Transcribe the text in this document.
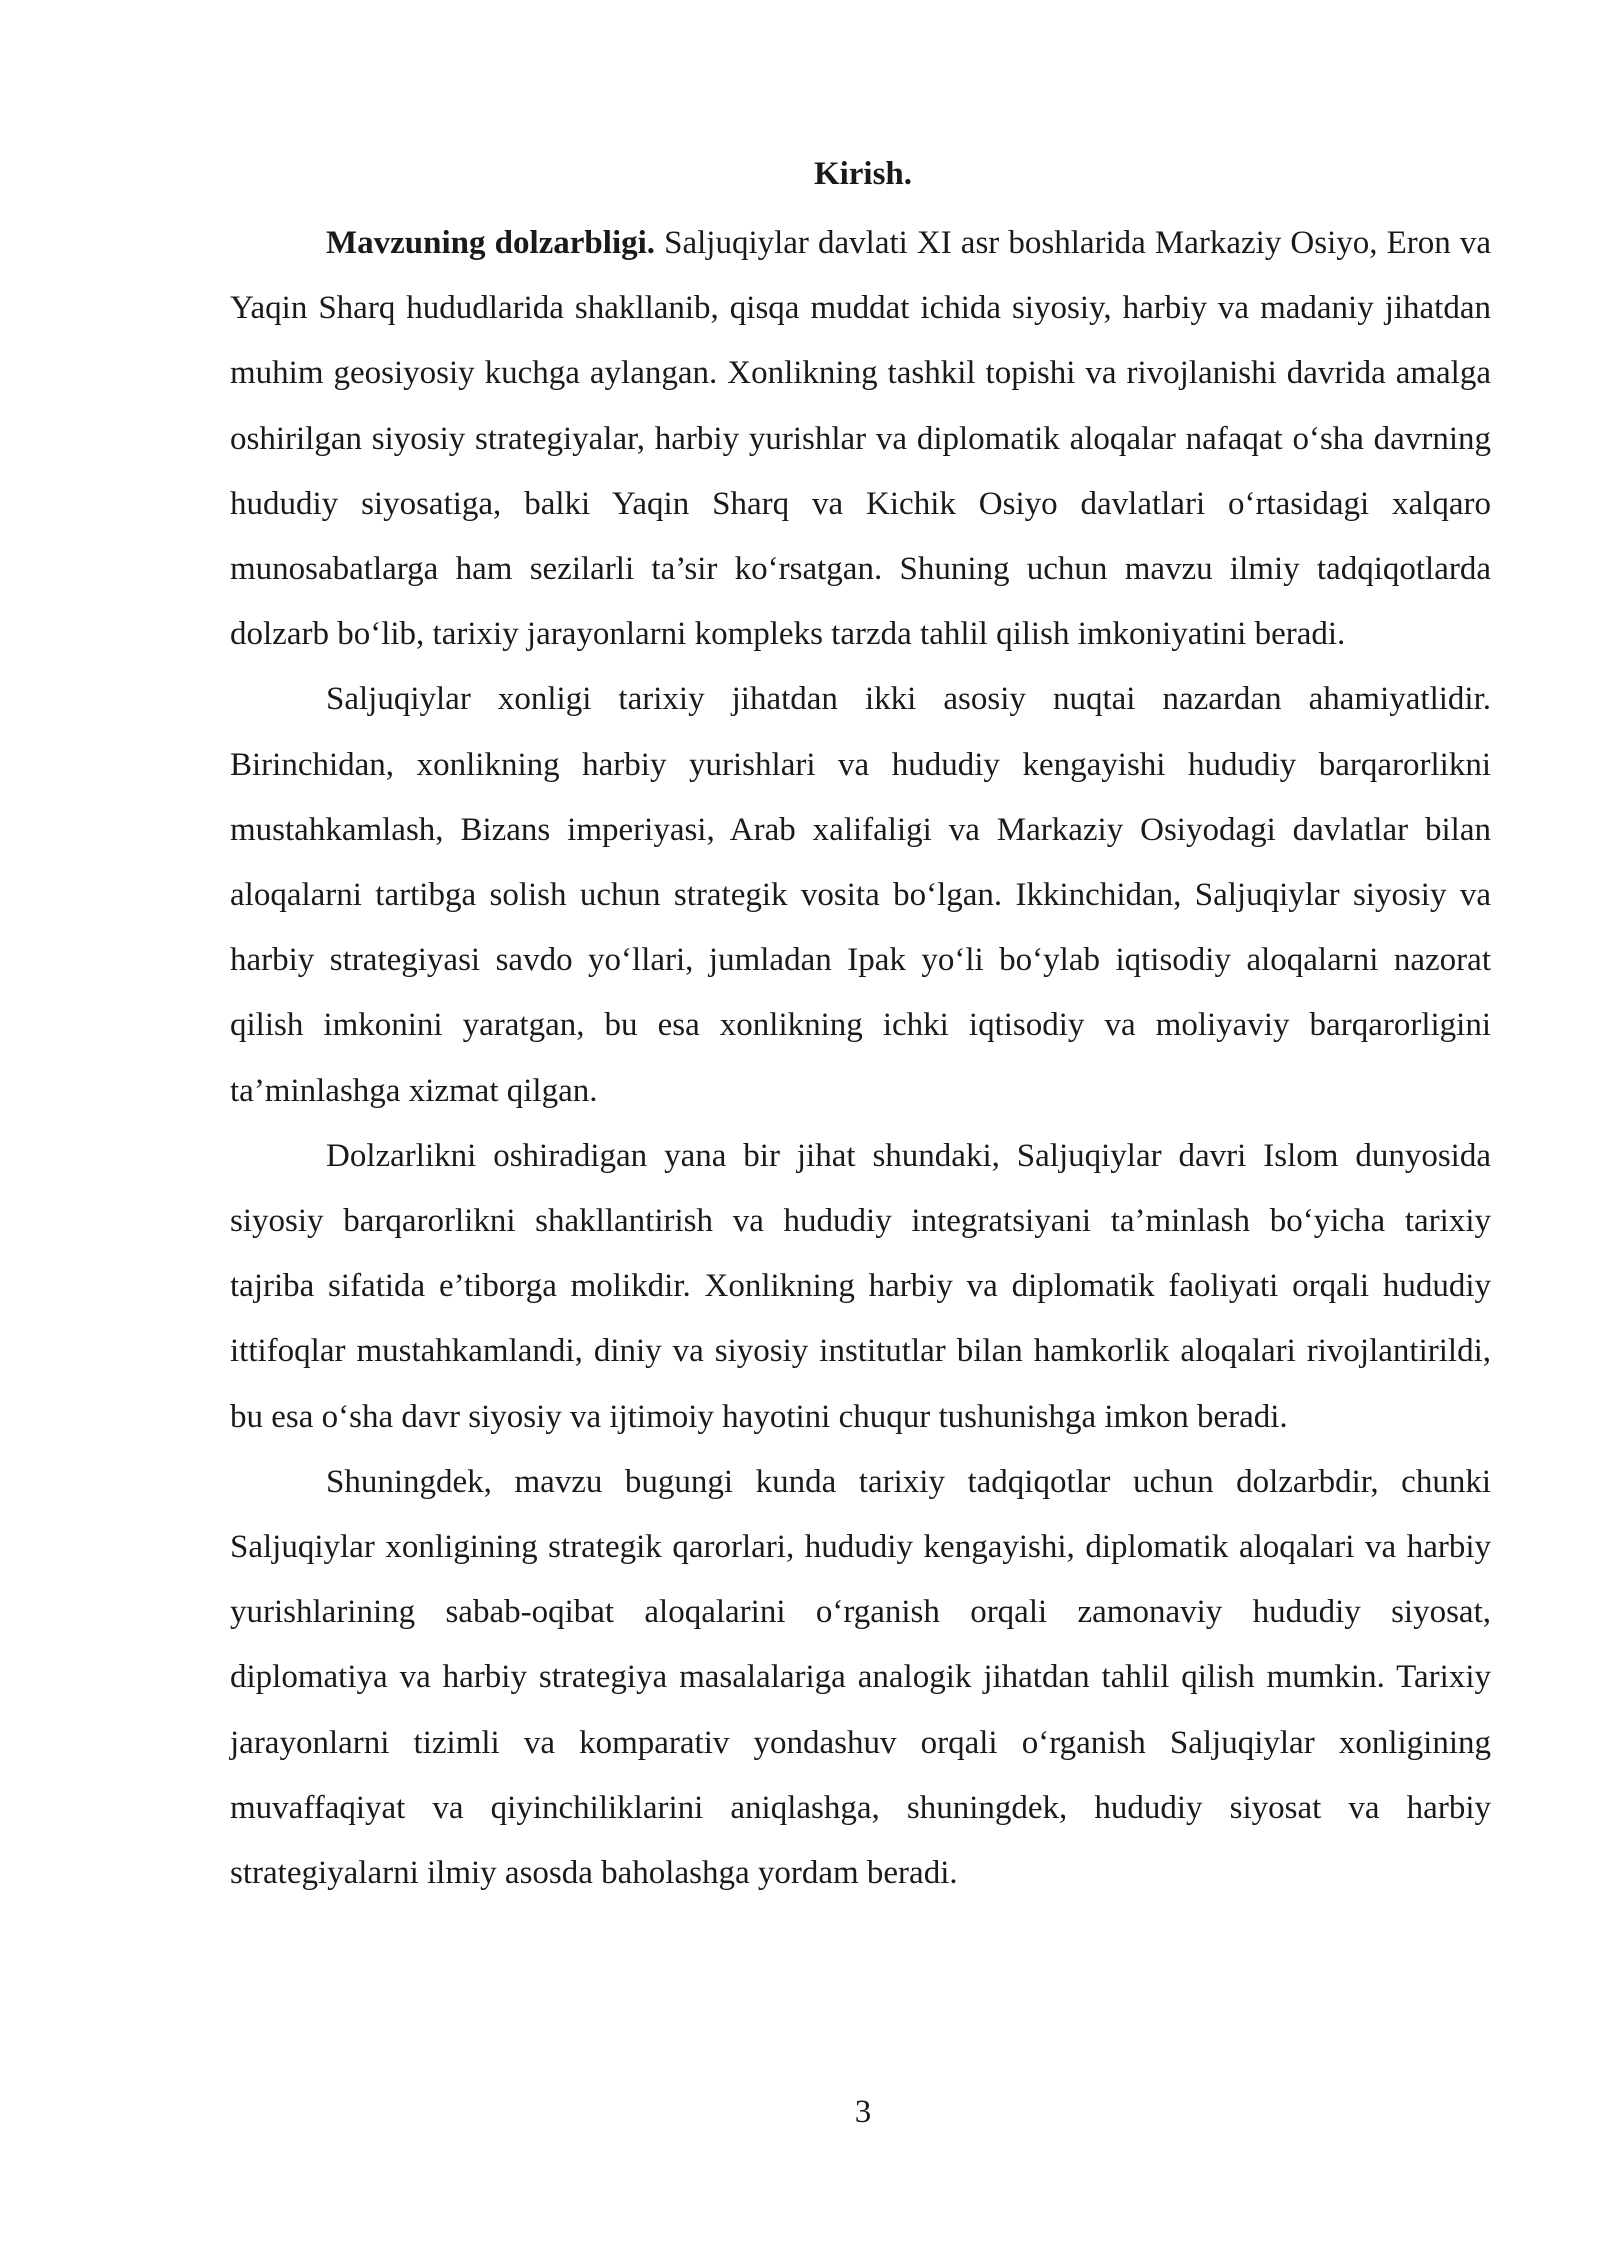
Kirish.

Mavzuning dolzarbligi. Saljuqiylar davlati XI asr boshlarida Markaziy Osiyo, Eron va Yaqin Sharq hududlarida shakllanib, qisqa muddat ichida siyosiy, harbiy va madaniy jihatdan muhim geosiyosiy kuchga aylangan. Xonlikning tashkil topishi va rivojlanishi davrida amalga oshirilgan siyosiy strategiyalar, harbiy yurishlar va diplomatik aloqalar nafaqat o‘sha davrning hududiy siyosatiga, balki Yaqin Sharq va Kichik Osiyo davlatlari o‘rtasidagi xalqaro munosabatlarga ham sezilarli ta’sir ko‘rsatgan. Shuning uchun mavzu ilmiy tadqiqotlarda dolzarb bo‘lib, tarixiy jarayonlarni kompleks tarzda tahlil qilish imkoniyatini beradi.

Saljuqiylar xonligi tarixiy jihatdan ikki asosiy nuqtai nazardan ahamiyatlidir. Birinchidan, xonlikning harbiy yurishlari va hududiy kengayishi hududiy barqarorlikni mustahkamlash, Bizans imperiyasi, Arab xalifaligi va Markaziy Osiyodagi davlatlar bilan aloqalarni tartibga solish uchun strategik vosita bo‘lgan. Ikkinchidan, Saljuqiylar siyosiy va harbiy strategiyasi savdo yo‘llari, jumladan Ipak yo‘li bo‘ylab iqtisodiy aloqalarni nazorat qilish imkonini yaratgan, bu esa xonlikning ichki iqtisodiy va moliyaviy barqarorligini ta’minlashga xizmat qilgan.

Dolzarlikni oshiradigan yana bir jihat shundaki, Saljuqiylar davri Islom dunyosida siyosiy barqarorlikni shakllantirish va hududiy integratsiyani ta’minlash bo‘yicha tarixiy tajriba sifatida e’tiborga molikdir. Xonlikning harbiy va diplomatik faoliyati orqali hududiy ittifoqlar mustahkamlandi, diniy va siyosiy institutlar bilan hamkorlik aloqalari rivojlantirildi, bu esa o‘sha davr siyosiy va ijtimoiy hayotini chuqur tushunishga imkon beradi.

Shuningdek, mavzu bugungi kunda tarixiy tadqiqotlar uchun dolzarbdir, chunki Saljuqiylar xonligining strategik qarorlari, hududiy kengayishi, diplomatik aloqalari va harbiy yurishlarining sabab-oqibat aloqalarini o‘rganish orqali zamonaviy hududiy siyosat, diplomatiya va harbiy strategiya masalalariga analogik jihatdan tahlil qilish mumkin. Tarixiy jarayonlarni tizimli va komparativ yondashuv orqali o‘rganish Saljuqiylar xonligining muvaffaqiyat va qiyinchiliklarini aniqlashga, shuningdek, hududiy siyosat va harbiy strategiyalarni ilmiy asosda baholashga yordam beradi.

3
